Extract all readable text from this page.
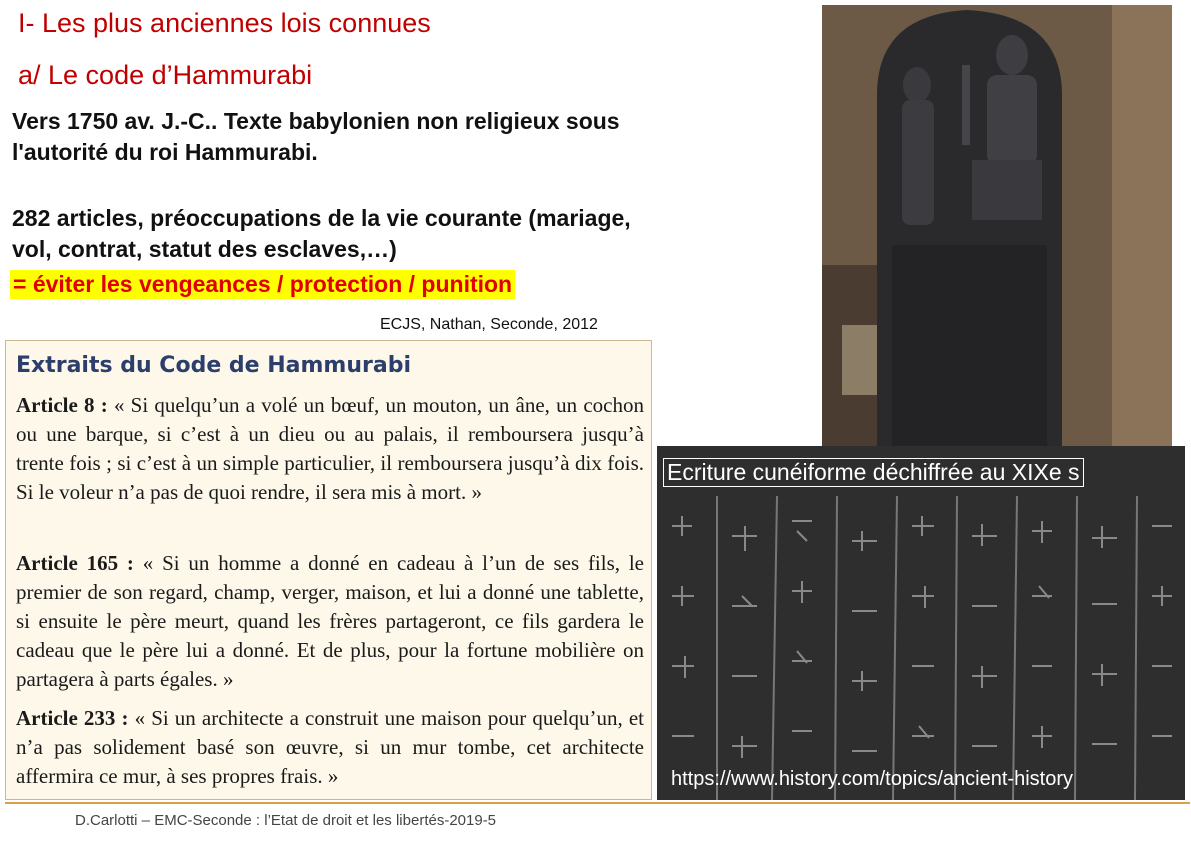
I- Les plus anciennes lois connues
a/ Le code d’Hammurabi
Vers 1750 av. J.-C.. Texte babylonien non religieux sous
l'autorité du roi Hammurabi.
282 articles, préoccupations de la vie courante (mariage,
vol, contrat, statut des esclaves,…)
= éviter les vengeances / protection / punition
ECJS, Nathan, Seconde, 2012
Extraits du Code de Hammurabi
Article 8 : « Si quelqu’un a volé un bœuf, un mouton, un âne, un cochon ou une barque, si c’est à un dieu ou au palais, il remboursera jusqu’à trente fois ; si c’est à un simple particulier, il remboursera jusqu’à dix fois. Si le voleur n’a pas de quoi rendre, il sera mis à mort. »
Article 165 : « Si un homme a donné en cadeau à l’un de ses fils, le premier de son regard, champ, verger, maison, et lui a donné une tablette, si ensuite le père meurt, quand les frères partageront, ce fils gardera le cadeau que le père lui a donné. Et de plus, pour la fortune mobilière on partagera à parts égales. »
Article 233 : « Si un architecte a construit une maison pour quelqu’un, et n’a pas solidement basé son œuvre, si un mur tombe, cet architecte affermira ce mur, à ses propres frais. »
Ecriture cunéiforme déchiffrée au XIXe s
https://www.history.com/topics/ancient-history
D.Carlotti – EMC-Seconde : l’Etat de droit et les libertés-2019-5
